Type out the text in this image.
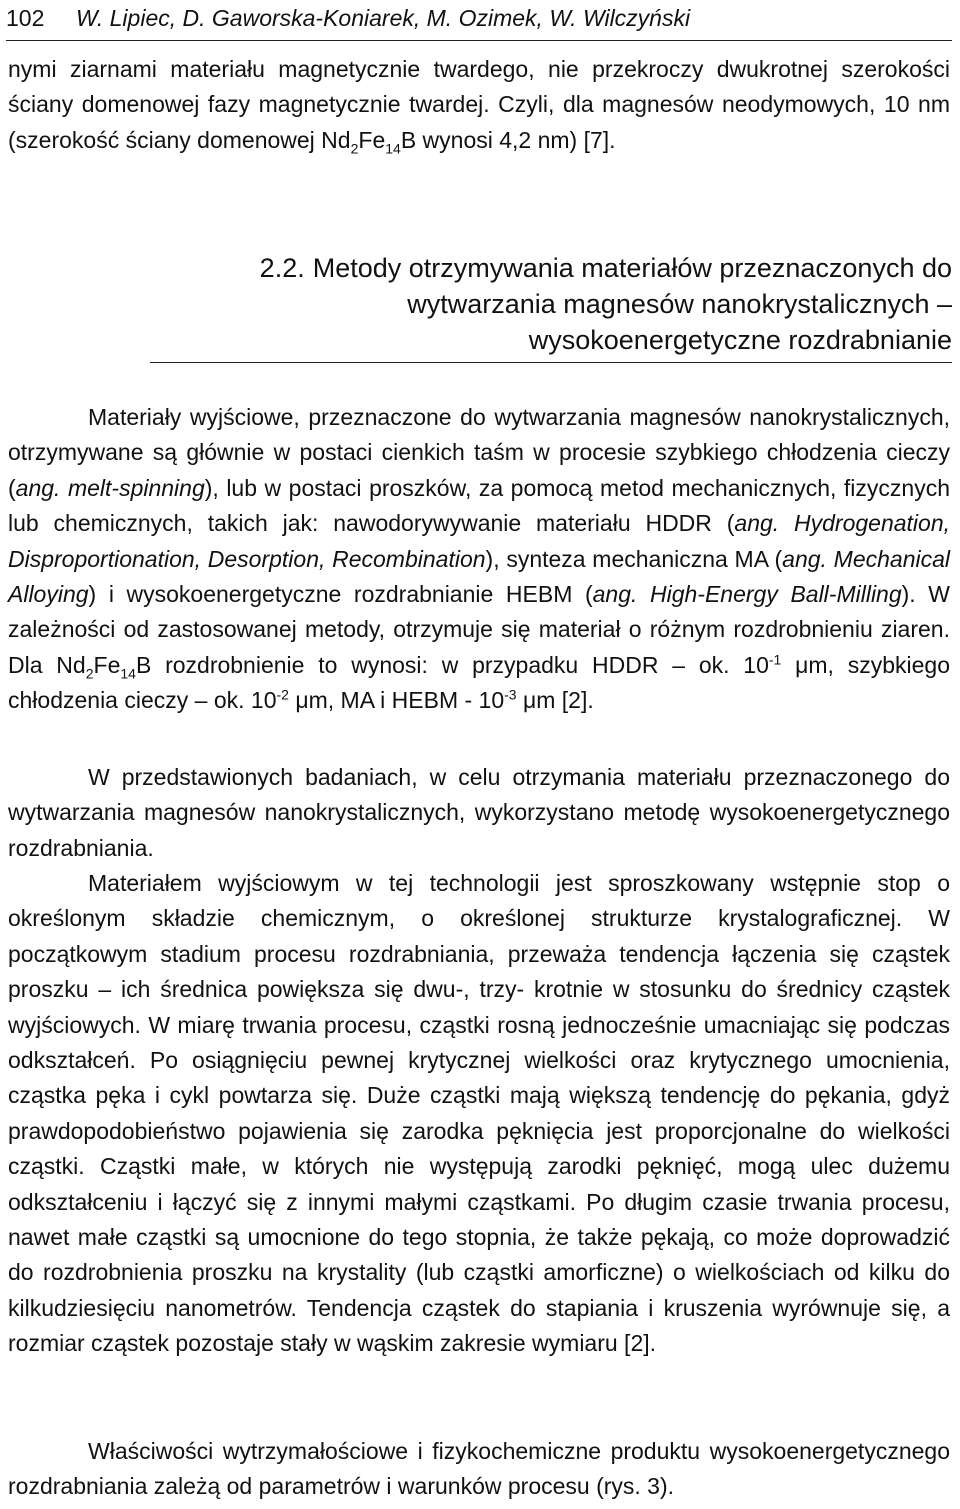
102 W. Lipiec, D. Gaworska-Koniarek, M. Ozimek, W. Wilczyński

nymi ziarnami materiału magnetycznie twardego, nie przekroczy dwukrotnej szerokości ściany domenowej fazy magnetycznie twardej. Czyli, dla magnesów neodymowych, 10 nm (szerokość ściany domenowej $Nd_2Fe_{14}B$ wynosi 4,2 nm) [7].

2.2. Metody otrzymywania materiałów przeznaczonych do wytwarzania magnesów nanokrystalicznych – wysokoenergetyczne rozdrabnianie

Materiały wyjściowe, przeznaczone do wytwarzania magnesów nanokrystalicznych, otrzymywane są głównie w postaci cienkich taśm w procesie szybkiego chłodzenia cieczy (ang. melt-spinning), lub w postaci proszków, za pomocą metod mechanicznych, fizycznych lub chemicznych, takich jak: nawodorywywanie materiału HDDR (ang. Hydrogenation, Disproportionation, Desorption, Recombination), synteza mechaniczna MA (ang. Mechanical Alloying) i wysokoenergetyczne rozdrabnianie HEBM (ang. High-Energy Ball-Milling). W zależności od zastosowanej metody, otrzymuje się materiał o różnym rozdrobnieniu ziaren. Dla $Nd_2Fe_{14}B$ rozdrobnienie to wynosi: w przypadku HDDR – ok. $10^{-1}$ μm, szybkiego chłodzenia cieczy – ok. $10^{-2}$ μm, MA i HEBM - $10^{-3}$ μm [2].

W przedstawionych badaniach, w celu otrzymania materiału przeznaczonego do wytwarzania magnesów nanokrystalicznych, wykorzystano metodę wysokoenergetycznego rozdrabniania.

Materiałem wyjściowym w tej technologii jest sproszkowany wstępnie stop o określonym składzie chemicznym, o określonej strukturze krystalograficznej. W początkowym stadium procesu rozdrabniania, przeważa tendencja łączenia się cząstek proszku – ich średnica powiększa się dwu-, trzy- krotnie w stosunku do średnicy cząstek wyjściowych. W miarę trwania procesu, cząstki rosną jednocześnie umacniając się podczas odkształceń. Po osiągnięciu pewnej krytycznej wielkości oraz krytycznego umocnienia, cząstka pęka i cykl powtarza się. Duże cząstki mają większą tendencję do pękania, gdyż prawdopodobieństwo pojawienia się zarodka pęknięcia jest proporcjonalne do wielkości cząstki. Cząstki małe, w których nie występują zarodki pęknięć, mogą ulec dużemu odkształceniu i łączyć się z innymi małymi cząstkami. Po długim czasie trwania procesu, nawet małe cząstki są umocnione do tego stopnia, że także pękają, co może doprowadzić do rozdrobnienia proszku na krystality (lub cząstki amorficzne) o wielkościach od kilku do kilkudziesięciu nanometrów. Tendencja cząstek do stapiania i kruszenia wyrównuje się, a rozmiar cząstek pozostaje stały w wąskim zakresie wymiaru [2].

Właściwości wytrzymałościowe i fizykochemiczne produktu wysokoenergetycznego rozdrabniania zależą od parametrów i warunków procesu (rys. 3).
